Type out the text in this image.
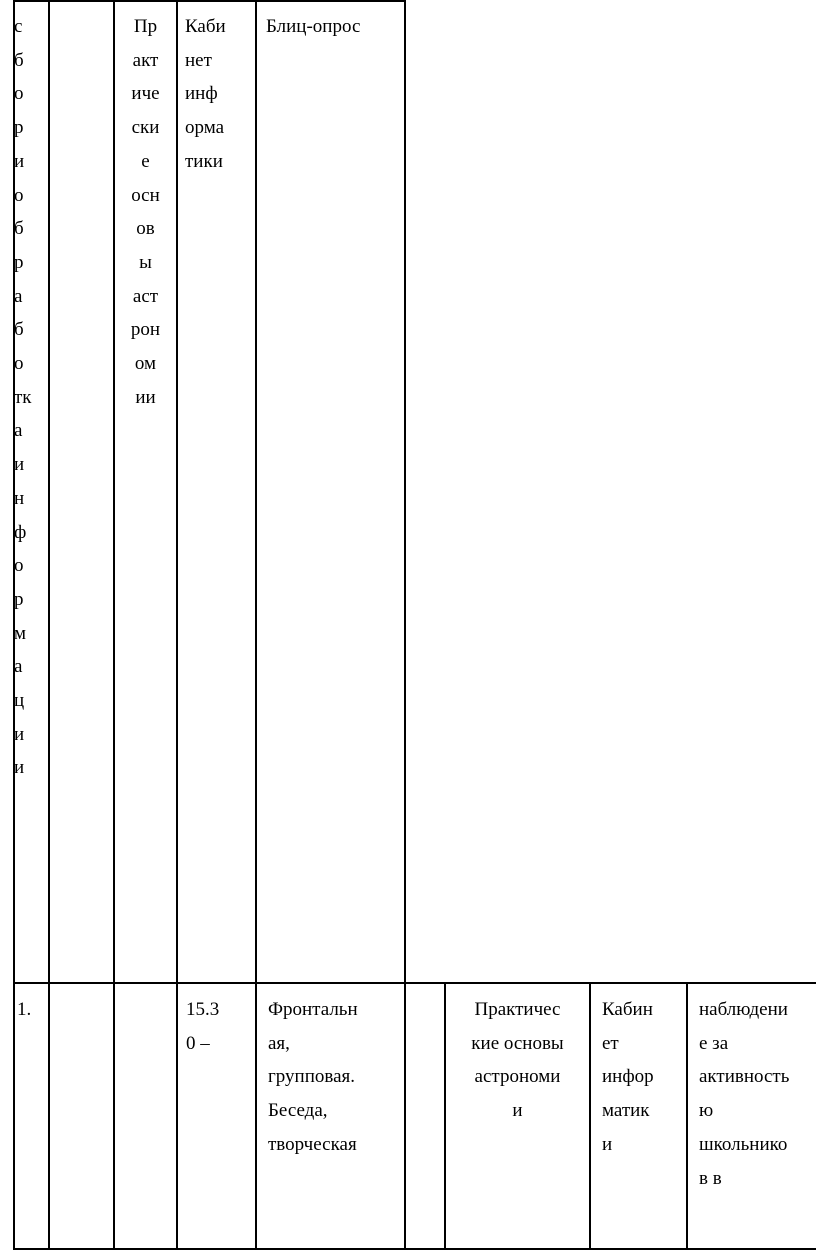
с
б
о
р
и
о
б
р
а
б
о
тк
а
и
н
ф
о
р
м
а
ц
и
и
Пр
акт
иче
ски
е
осн
ов
ы
аст
рон
ом
ии
Каби
нет
инф
орма
тики
Блиц-опрос
1.	15.3
0 –
Фронтальн
ая,
групповая.
Беседа,
творческая
Практичес
кие основы
астрономи
и
Кабин
ет
инфор
матик
и
наблюдени
е за
активность
ю
школьнико
в в
